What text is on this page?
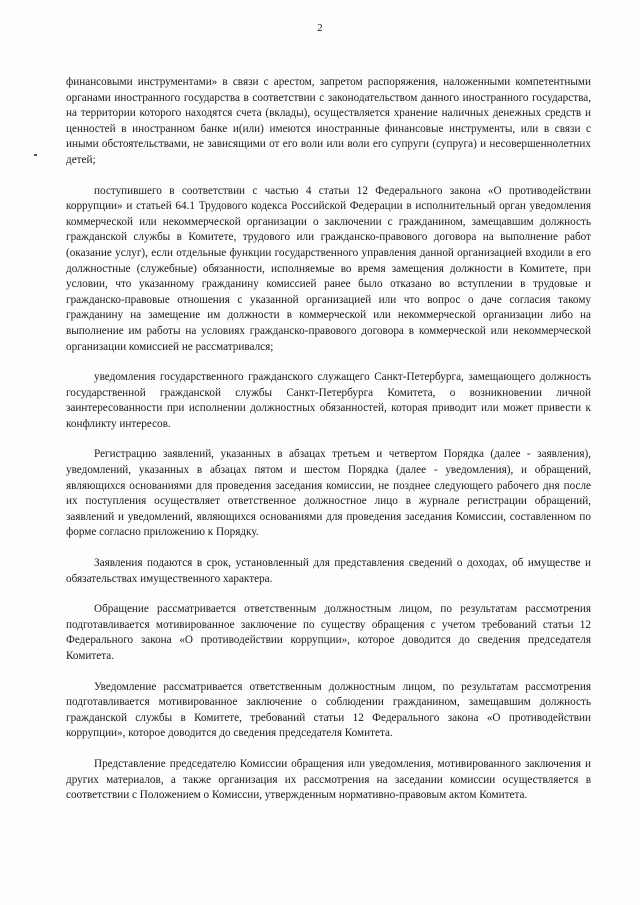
2

финансовыми инструментами» в связи с арестом, запретом распоряжения, наложенными компетентными органами иностранного государства в соответствии с законодательством данного иностранного государства, на территории которого находятся счета (вклады), осуществляется хранение наличных денежных средств и ценностей в иностранном банке и(или) имеются иностранные финансовые инструменты, или в связи с иными обстоятельствами, не зависящими от его воли или воли его супруги (супруга) и несовершеннолетних детей;

поступившего в соответствии с частью 4 статьи 12 Федерального закона «О противодействии коррупции» и статьей 64.1 Трудового кодекса Российской Федерации в исполнительный орган уведомления коммерческой или некоммерческой организации о заключении с гражданином, замещавшим должность гражданской службы в Комитете, трудового или гражданско-правового договора на выполнение работ (оказание услуг), если отдельные функции государственного управления данной организацией входили в его должностные (служебные) обязанности, исполняемые во время замещения должности в Комитете, при условии, что указанному гражданину комиссией ранее было отказано во вступлении в трудовые и гражданско-правовые отношения с указанной организацией или что вопрос о даче согласия такому гражданину на замещение им должности в коммерческой или некоммерческой организации либо на выполнение им работы на условиях гражданско-правового договора в коммерческой или некоммерческой организации комиссией не рассматривался;

уведомления государственного гражданского служащего Санкт-Петербурга, замещающего должность государственной гражданской службы Санкт-Петербурга Комитета, о возникновении личной заинтересованности при исполнении должностных обязанностей, которая приводит или может привести к конфликту интересов.

Регистрацию заявлений, указанных в абзацах третьем и четвертом Порядка (далее - заявления), уведомлений, указанных в абзацах пятом и шестом Порядка (далее - уведомления), и обращений, являющихся основаниями для проведения заседания комиссии, не позднее следующего рабочего дня после их поступления осуществляет ответственное должностное лицо в журнале регистрации обращений, заявлений и уведомлений, являющихся основаниями для проведения заседания Комиссии, составленном по форме согласно приложению к Порядку.

Заявления подаются в срок, установленный для представления сведений о доходах, об имуществе и обязательствах имущественного характера.

Обращение рассматривается ответственным должностным лицом, по результатам рассмотрения подготавливается мотивированное заключение по существу обращения с учетом требований статьи 12 Федерального закона «О противодействии коррупции», которое доводится до сведения председателя Комитета.

Уведомление рассматривается ответственным должностным лицом, по результатам рассмотрения подготавливается мотивированное заключение о соблюдении гражданином, замещавшим должность гражданской службы в Комитете, требований статьи 12 Федерального закона «О противодействии коррупции», которое доводится до сведения председателя Комитета.

Представление председателю Комиссии обращения или уведомления, мотивированного заключения и других материалов, а также организация их рассмотрения на заседании комиссии осуществляется в соответствии с Положением о Комиссии, утвержденным нормативно-правовым актом Комитета.
